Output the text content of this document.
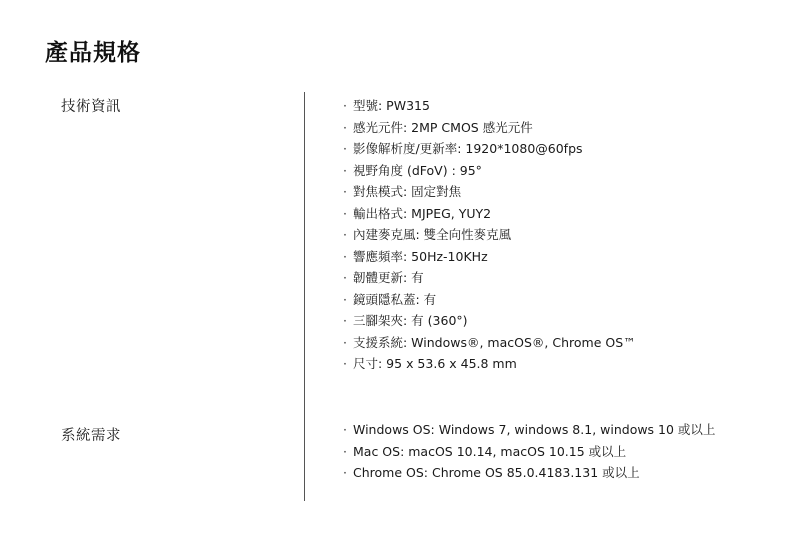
產品規格
技術資訊
系統需求
· 型號: PW315
· 感光元件: 2MP CMOS 感光元件
· 影像解析度/更新率: 1920*1080@60fps
· 視野角度 (dFoV) : 95°
· 對焦模式: 固定對焦
· 輸出格式: MJPEG, YUY2
· 內建麥克風: 雙全向性麥克風
· 響應頻率: 50Hz-10KHz
· 韌體更新: 有
· 鏡頭隱私蓋: 有
· 三腳架夾: 有 (360°)
· 支援系統: Windows®, macOS®, Chrome OS™
· 尺寸: 95 x 53.6 x 45.8 mm
· Windows OS: Windows 7, windows 8.1, windows 10 或以上
· Mac OS: macOS 10.14, macOS 10.15 或以上
· Chrome OS: Chrome OS 85.0.4183.131 或以上
